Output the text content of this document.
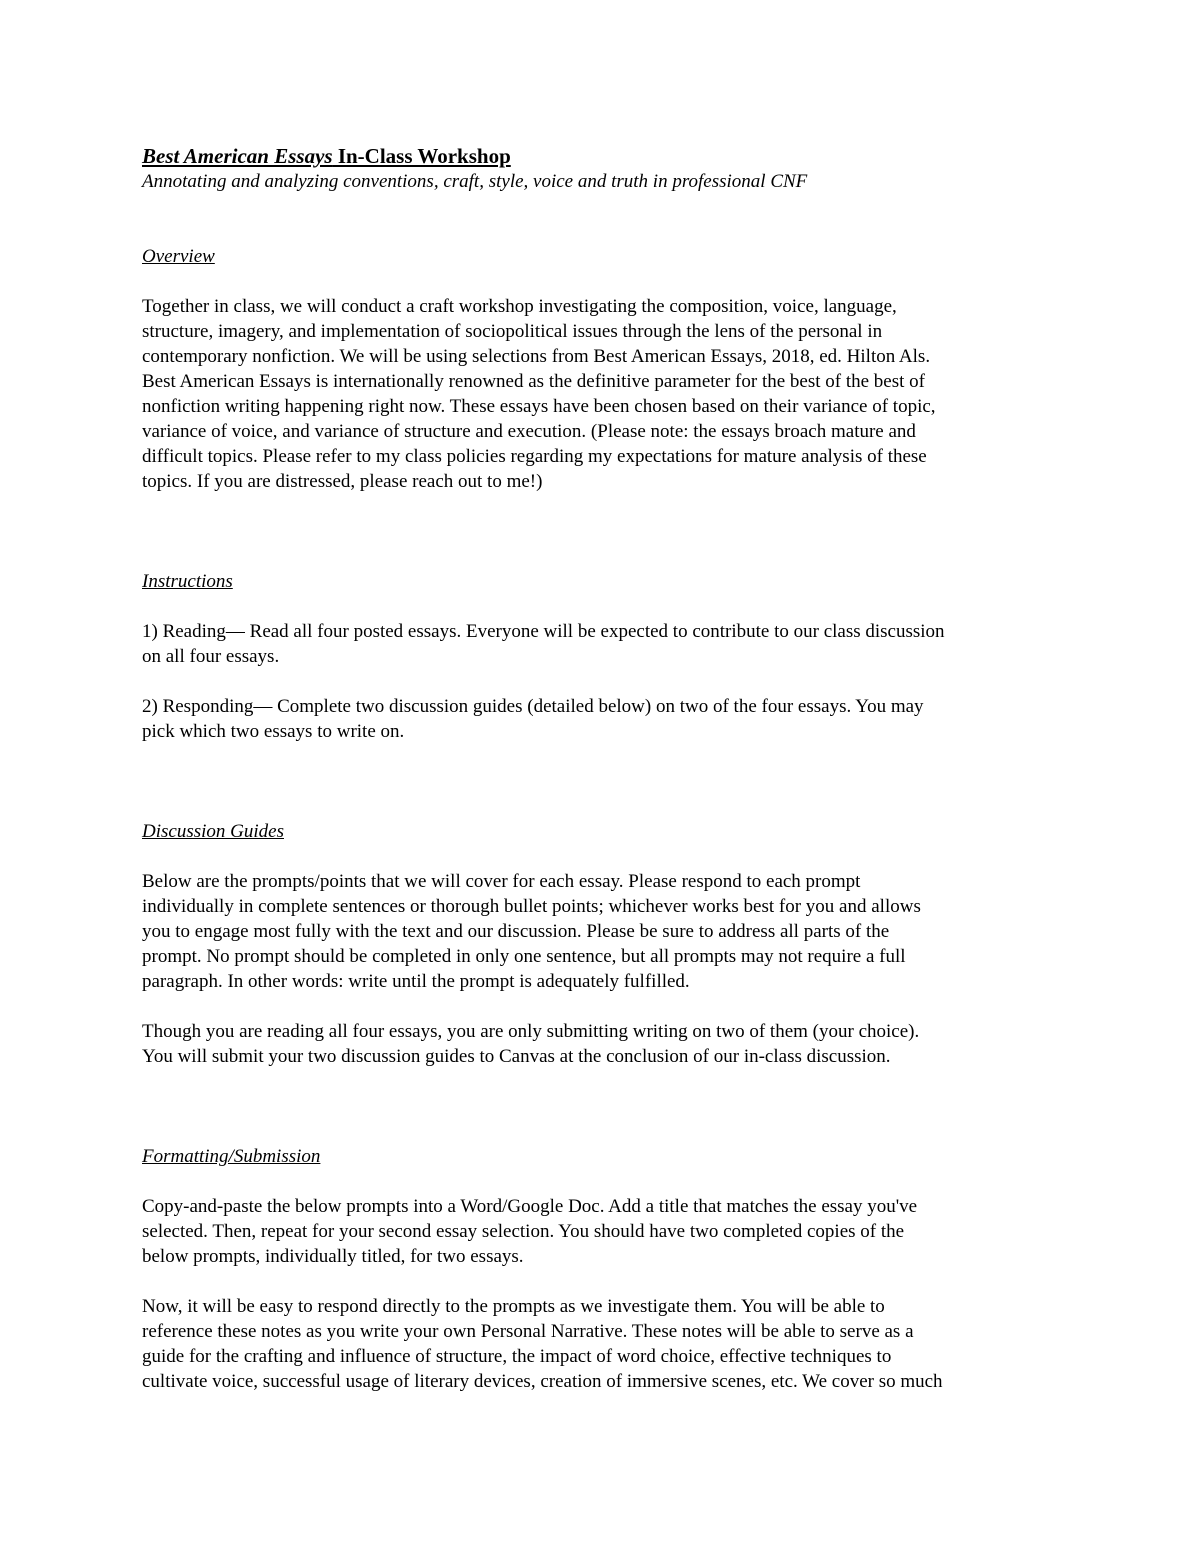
Best American Essays In-Class Workshop
Annotating and analyzing conventions, craft, style, voice and truth in professional CNF
Overview

Together in class, we will conduct a craft workshop investigating the composition, voice, language,
structure, imagery, and implementation of sociopolitical issues through the lens of the personal in
contemporary nonfiction. We will be using selections from Best American Essays, 2018, ed. Hilton Als.
Best American Essays is internationally renowned as the definitive parameter for the best of the best of
nonfiction writing happening right now. These essays have been chosen based on their variance of topic,
variance of voice, and variance of structure and execution. (Please note: the essays broach mature and
difficult topics. Please refer to my class policies regarding my expectations for mature analysis of these
topics. If you are distressed, please reach out to me!)

Instructions

1) Reading— Read all four posted essays. Everyone will be expected to contribute to our class discussion
on all four essays.

2) Responding— Complete two discussion guides (detailed below) on two of the four essays. You may
pick which two essays to write on.

Discussion Guides

Below are the prompts/points that we will cover for each essay. Please respond to each prompt
individually in complete sentences or thorough bullet points; whichever works best for you and allows
you to engage most fully with the text and our discussion. Please be sure to address all parts of the
prompt. No prompt should be completed in only one sentence, but all prompts may not require a full
paragraph. In other words: write until the prompt is adequately fulfilled.

Though you are reading all four essays, you are only submitting writing on two of them (your choice).
You will submit your two discussion guides to Canvas at the conclusion of our in-class discussion.

Formatting/Submission

Copy-and-paste the below prompts into a Word/Google Doc. Add a title that matches the essay you've
selected. Then, repeat for your second essay selection. You should have two completed copies of the
below prompts, individually titled, for two essays.

Now, it will be easy to respond directly to the prompts as we investigate them. You will be able to
reference these notes as you write your own Personal Narrative. These notes will be able to serve as a
guide for the crafting and influence of structure, the impact of word choice, effective techniques to
cultivate voice, successful usage of literary devices, creation of immersive scenes, etc. We cover so much
